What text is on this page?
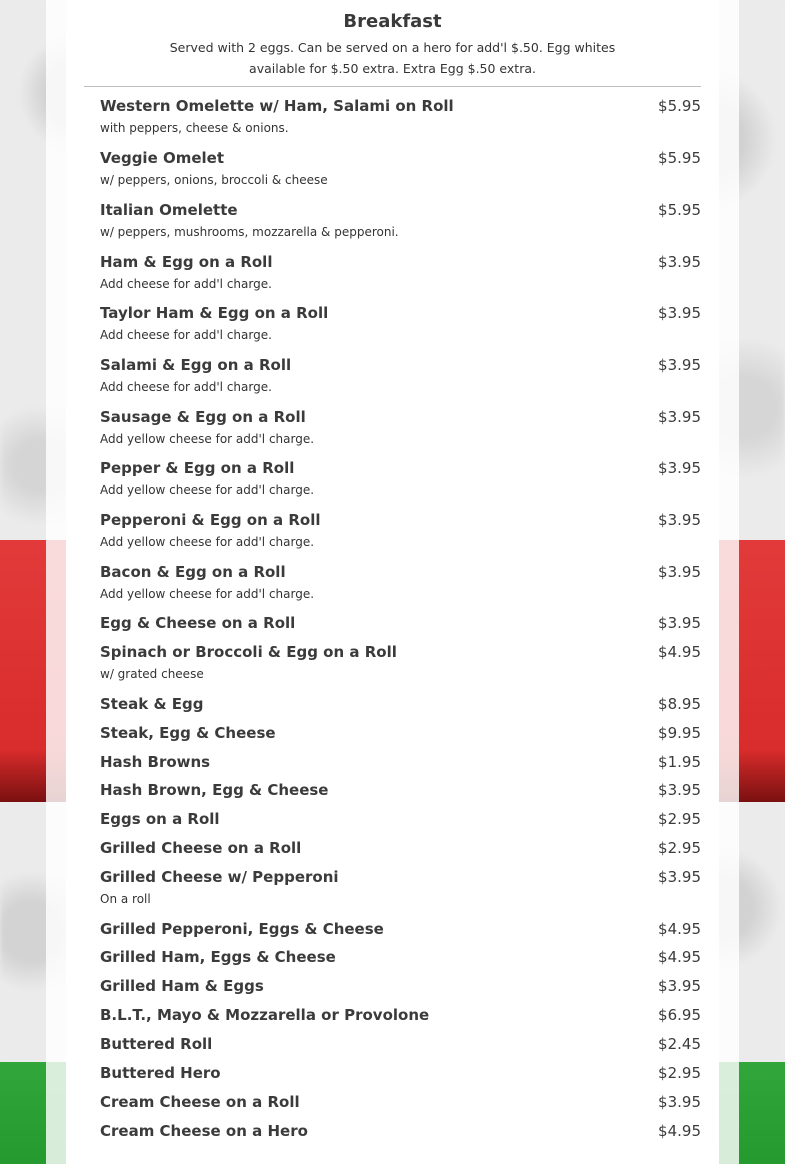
Breakfast
Served with 2 eggs. Can be served on a hero for add'l $.50. Egg whites available for $.50 extra. Extra Egg $.50 extra.
Western Omelette w/ Ham, Salami on Roll	$5.95
with peppers, cheese & onions.
Veggie Omelet	$5.95
w/ peppers, onions, broccoli & cheese
Italian Omelette	$5.95
w/ peppers, mushrooms, mozzarella & pepperoni.
Ham & Egg on a Roll	$3.95
Add cheese for add'l charge.
Taylor Ham & Egg on a Roll	$3.95
Add cheese for add'l charge.
Salami & Egg on a Roll	$3.95
Add cheese for add'l charge.
Sausage & Egg on a Roll	$3.95
Add yellow cheese for add'l charge.
Pepper & Egg on a Roll	$3.95
Add yellow cheese for add'l charge.
Pepperoni & Egg on a Roll	$3.95
Add yellow cheese for add'l charge.
Bacon & Egg on a Roll	$3.95
Add yellow cheese for add'l charge.
Egg & Cheese on a Roll	$3.95
Spinach or Broccoli & Egg on a Roll	$4.95
w/ grated cheese
Steak & Egg	$8.95
Steak, Egg & Cheese	$9.95
Hash Browns	$1.95
Hash Brown, Egg & Cheese	$3.95
Eggs on a Roll	$2.95
Grilled Cheese on a Roll	$2.95
Grilled Cheese w/ Pepperoni	$3.95
On a roll
Grilled Pepperoni, Eggs & Cheese	$4.95
Grilled Ham, Eggs & Cheese	$4.95
Grilled Ham & Eggs	$3.95
B.L.T., Mayo & Mozzarella or Provolone	$6.95
Buttered Roll	$2.45
Buttered Hero	$2.95
Cream Cheese on a Roll	$3.95
Cream Cheese on a Hero	$4.95
